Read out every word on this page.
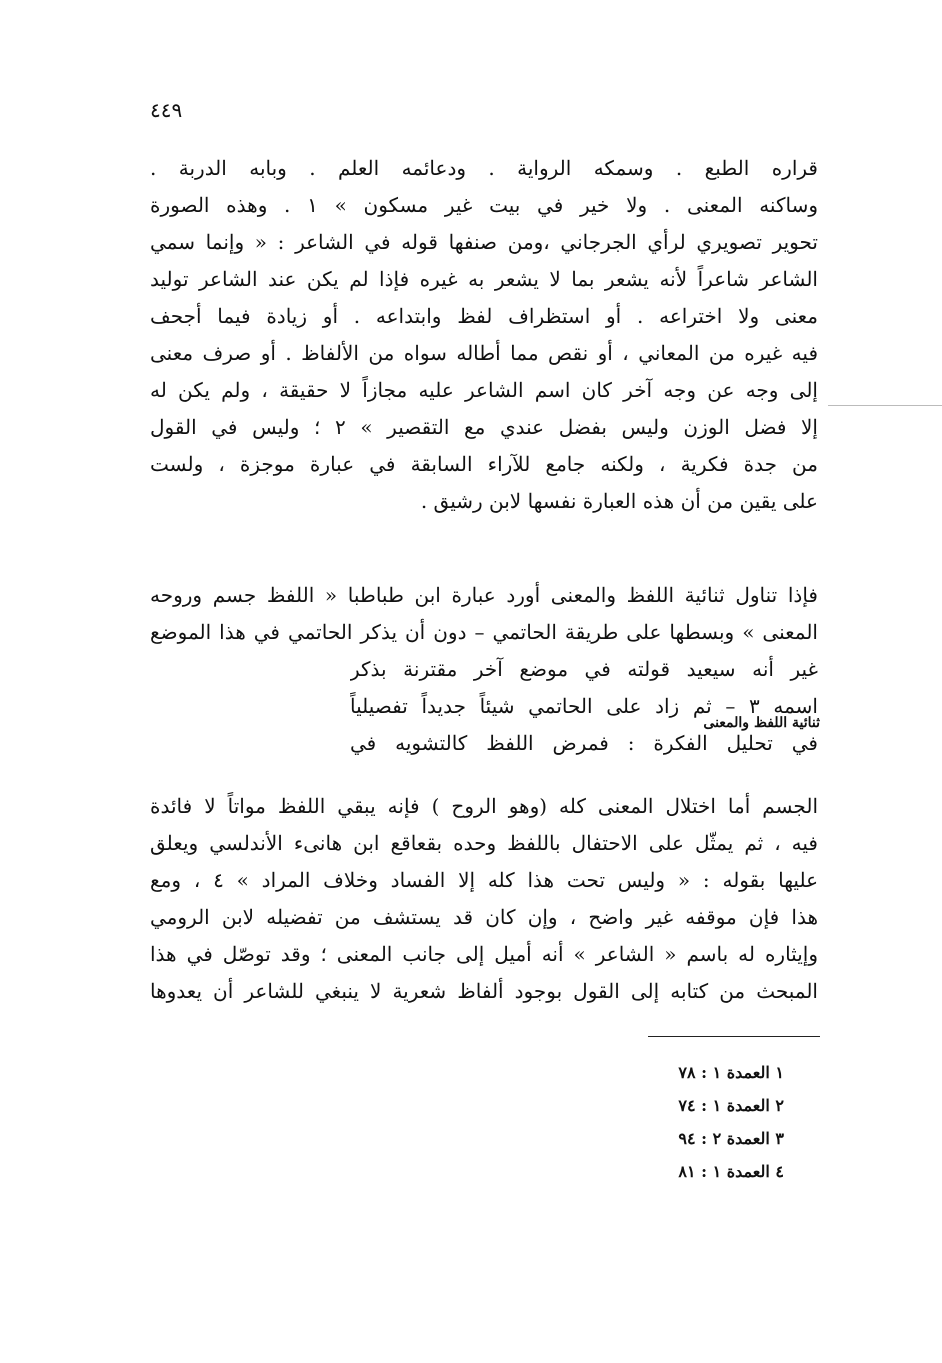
٤٤٩
قراره الطبع . وسمكه الرواية . ودعائمه العلم . وبابه الدربة .
وساكنه المعنى . ولا خير في بيت غير مسكون » ١ . وهذه الصورة
تحوير تصويري لرأي الجرجاني ،ومن صنفها قوله في الشاعر : « وإنما سمي
الشاعر شاعراً لأنه يشعر بما لا يشعر به غيره فإذا لم يكن عند الشاعر توليد
معنى ولا اختراعه . أو استظراف لفظ وابتداعه . أو زيادة فيما أجحف
فيه غيره من المعاني ، أو نقص مما أطاله سواه من الألفاظ . أو صرف معنى
إلى وجه عن وجه آخر كان اسم الشاعر عليه مجازاً لا حقيقة ، ولم يكن له
إلا فضل الوزن وليس بفضل عندي مع التقصير » ٢ ؛ وليس في القول
من جدة فكرية ، ولكنه جامع للآراء السابقة في عبارة موجزة ، ولست
على يقين من أن هذه العبارة نفسها لابن رشيق .
فإذا تناول ثنائية اللفظ والمعنى أورد عبارة ابن طباطبا « اللفظ جسم وروحه
المعنى » وبسطها على طريقة الحاتمي – دون أن يذكر الحاتمي في هذا الموضع
غير أنه سيعيد قولته في موضع آخر مقترنة بذكر
اسمه ٣ – ثم زاد على الحاتمي شيئاً جديداً تفصيلياً
في تحليل الفكرة : فمرض اللفظ كالتشويه في
ثنائية اللفظ والمعنى
الجسم أما اختلال المعنى كله (وهو الروح ) فإنه يبقي اللفظ مواتاً لا فائدة
فيه ، ثم يمثّل على الاحتفال باللفظ وحده بقعاقع ابن هانىء الأندلسي ويعلق
عليها بقوله : « وليس تحت هذا كله إلا الفساد وخلاف المراد » ٤ ، ومع
هذا فإن موقفه غير واضح ، وإن كان قد يستشف من تفضيله لابن الرومي
وإيثاره له باسم « الشاعر » أنه أميل إلى جانب المعنى ؛ وقد توصّل في هذا
المبحث من كتابه إلى القول بوجود ألفاظ شعرية لا ينبغي للشاعر أن يعدوها
١ العمدة ١ : ٧٨
٢ العمدة ١ : ٧٤
٣ العمدة ٢ : ٩٤
٤ العمدة ١ : ٨١
